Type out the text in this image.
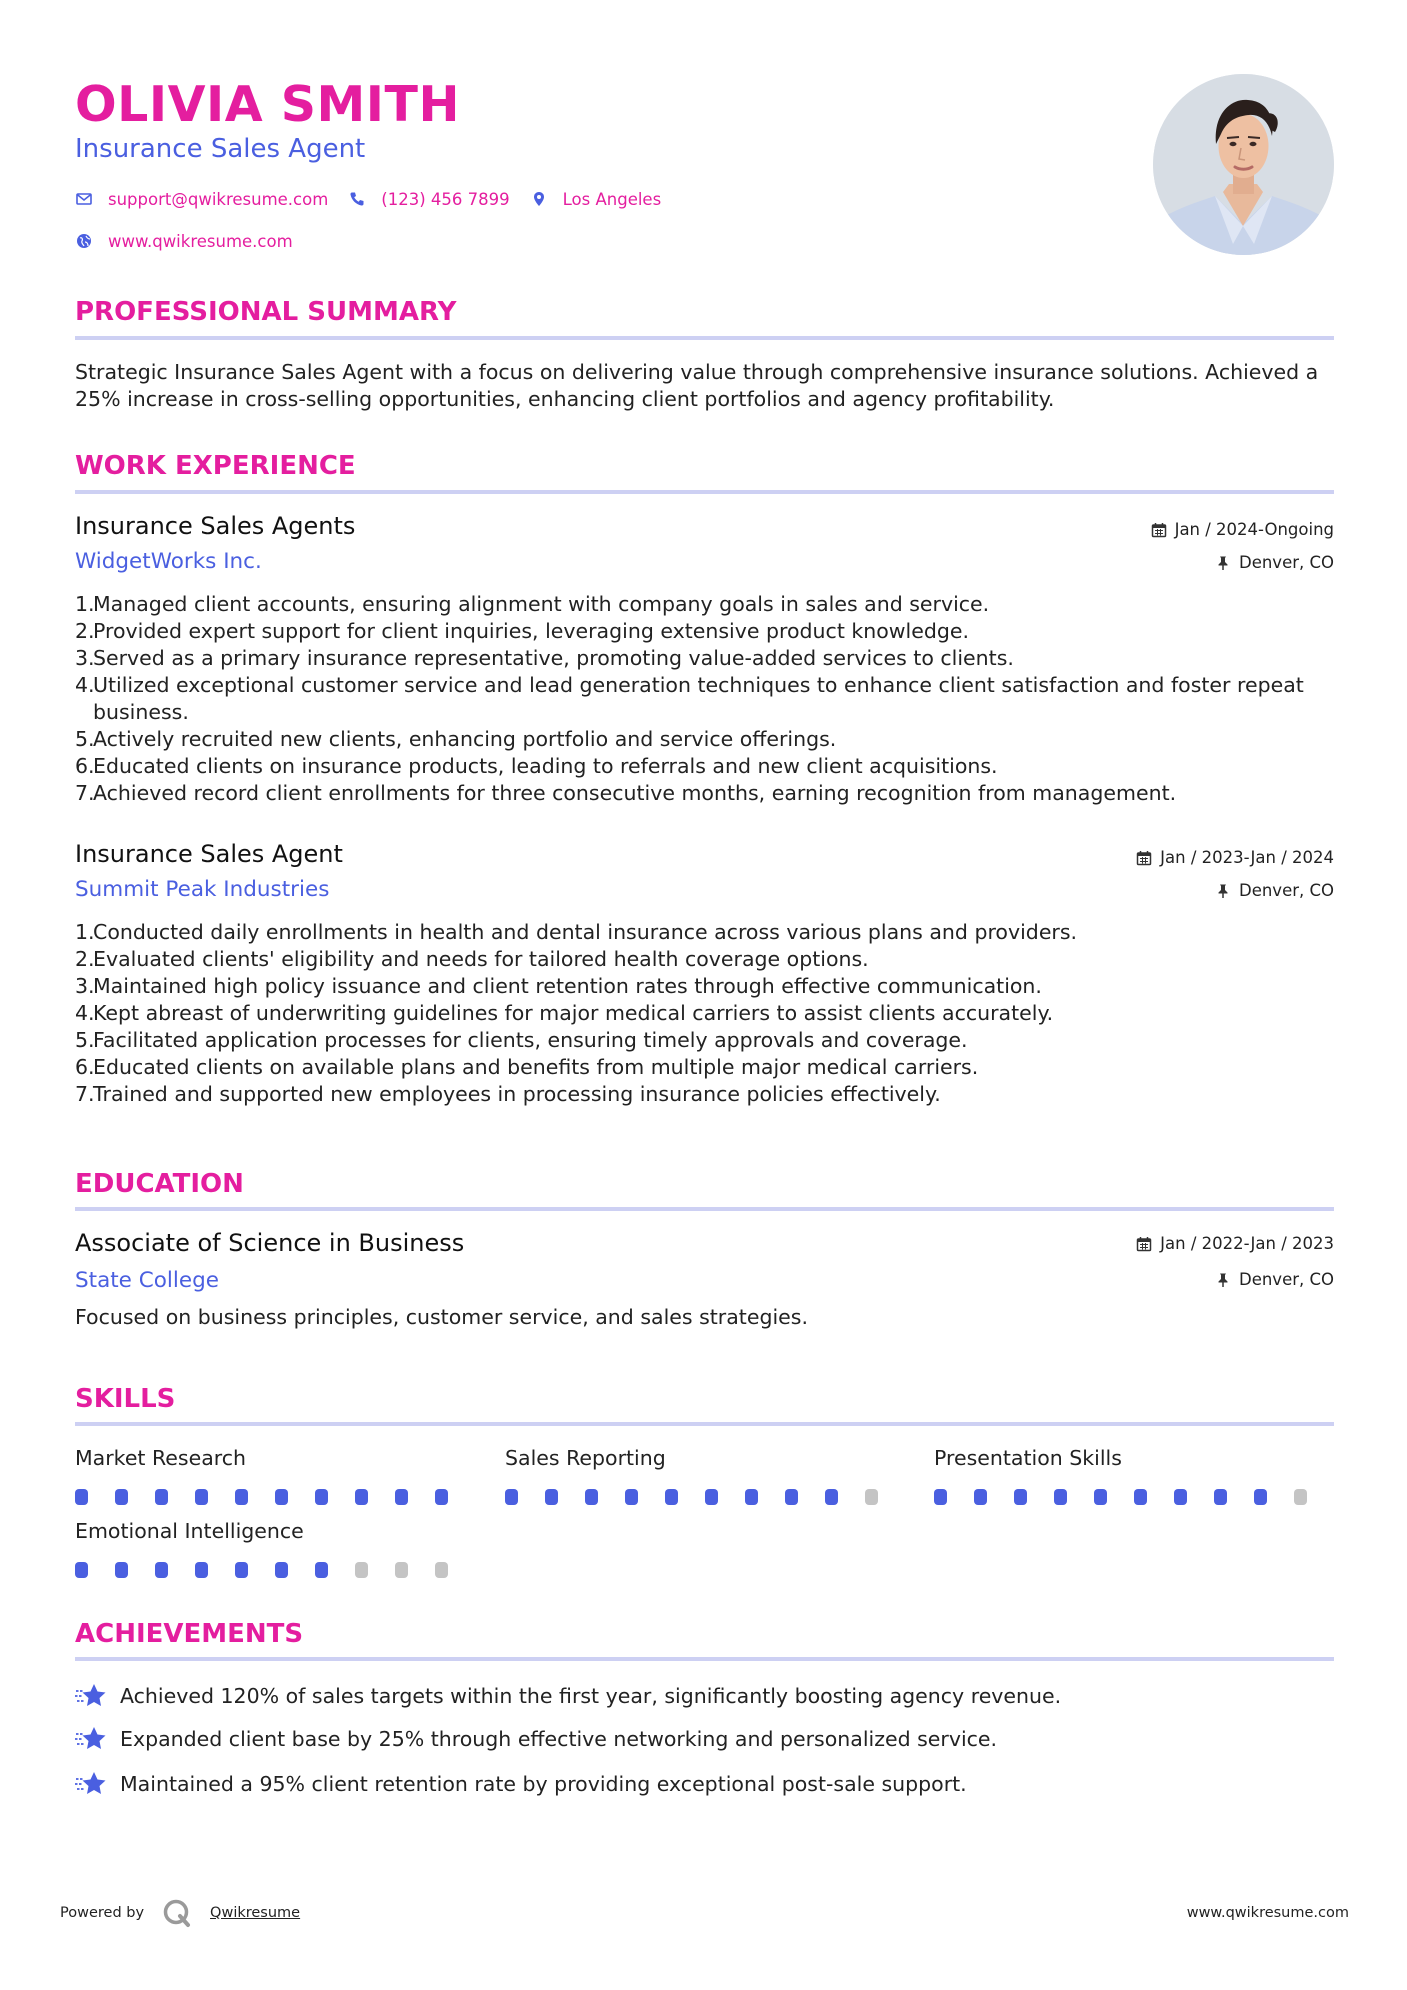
OLIVIA SMITH
Insurance Sales Agent
support@qwikresume.com	(123) 456 7899	Los Angeles
www.qwikresume.com
PROFESSIONAL SUMMARY
Strategic Insurance Sales Agent with a focus on delivering value through comprehensive insurance solutions. Achieved a 25% increase in cross-selling opportunities, enhancing client portfolios and agency profitability.
WORK EXPERIENCE
Insurance Sales Agents	Jan / 2024-Ongoing
WidgetWorks Inc.	Denver, CO
1.
Managed client accounts, ensuring alignment with company goals in sales and service.
2.
Provided expert support for client inquiries, leveraging extensive product knowledge.
3.
Served as a primary insurance representative, promoting value-added services to clients.
4.
Utilized exceptional customer service and lead generation techniques to enhance client satisfaction and foster repeat business.
5.
Actively recruited new clients, enhancing portfolio and service offerings.
6.
Educated clients on insurance products, leading to referrals and new client acquisitions.
7.
Achieved record client enrollments for three consecutive months, earning recognition from management.
Insurance Sales Agent	Jan / 2023-Jan / 2024
Summit Peak Industries	Denver, CO
1.
Conducted daily enrollments in health and dental insurance across various plans and providers.
2.
Evaluated clients' eligibility and needs for tailored health coverage options.
3.
Maintained high policy issuance and client retention rates through effective communication.
4.
Kept abreast of underwriting guidelines for major medical carriers to assist clients accurately.
5.
Facilitated application processes for clients, ensuring timely approvals and coverage.
6.
Educated clients on available plans and benefits from multiple major medical carriers.
7.
Trained and supported new employees in processing insurance policies effectively.
EDUCATION
Associate of Science in Business	Jan / 2022-Jan / 2023
State College	Denver, CO
Focused on business principles, customer service, and sales strategies.
SKILLS
Market Research	Sales Reporting	Presentation Skills
Emotional Intelligence
ACHIEVEMENTS
Achieved 120% of sales targets within the first year, significantly boosting agency revenue.
Expanded client base by 25% through effective networking and personalized service.
Maintained a 95% client retention rate by providing exceptional post-sale support.
Powered by	Qwikresume	www.qwikresume.com
